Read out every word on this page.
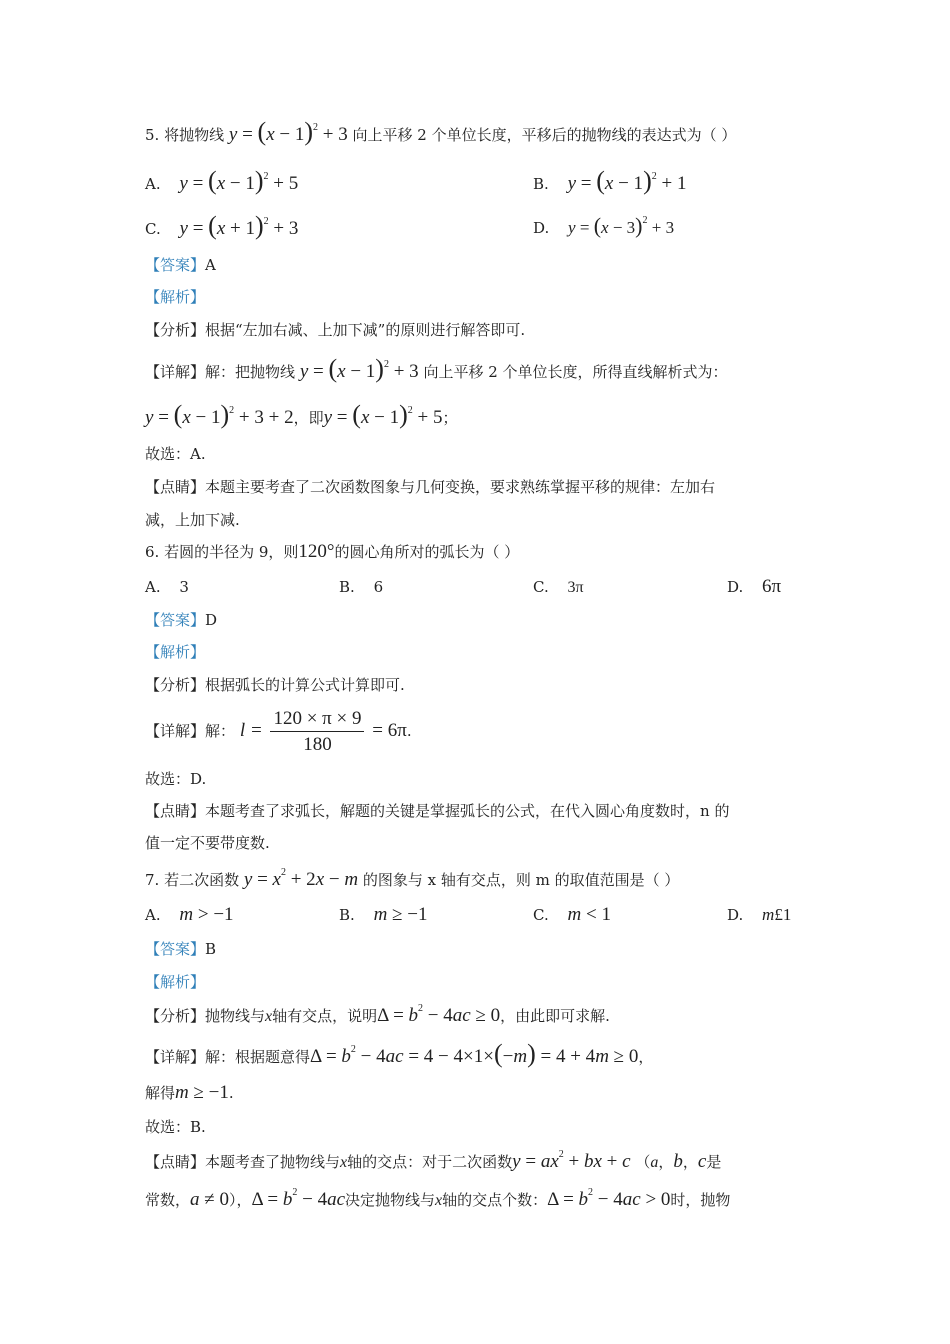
5. 将抛物线 $y = (x - 1)^2 + 3$ 向上平移 2 个单位长度，平移后的抛物线的表达式为（ ）
A. $y = (x - 1)^2 + 5$	B. $y = (x - 1)^2 + 1$
C. $y = (x + 1)^2 + 3$	D. $y = (x - 3)^2 + 3$
【答案】A
【解析】
【分析】根据“左加右减、上加下减”的原则进行解答即可.
【详解】解：把抛物线 $y = (x - 1)^2 + 3$ 向上平移 2 个单位长度，所得直线解析式为：
$y = (x - 1)^2 + 3 + 2$，即$y = (x - 1)^2 + 5$；
故选：A.
【点睛】本题主要考查了二次函数图象与几何变换，要求熟练掌握平移的规律：左加右
减，上加下减.
6. 若圆的半径为 9，则120°的圆心角所对的弧长为（ ）
A. 3	B. 6	C. 3π	D. 6π
【答案】D
【解析】
【分析】根据弧长的计算公式计算即可.
【详解】解： $l = \frac{120 \times \pi \times 9}{180} = 6\pi$.
故选：D.
【点睛】本题考查了求弧长，解题的关键是掌握弧长的公式，在代入圆心角度数时，n 的
值一定不要带度数.
7. 若二次函数 $y = x^2 + 2x - m$ 的图象与 x 轴有交点，则 m 的取值范围是（ ）
A. m > −1	B. m ≥ −1	C. m < 1	D. m£1
【答案】B
【解析】
【分析】抛物线与x轴有交点，说明$\Delta = b^2 - 4ac \ge 0$，由此即可求解.
【详解】解：根据题意得$\Delta = b^2 - 4ac = 4 - 4\times 1\times(-m) = 4 + 4m \ge 0$，
解得m ≥ −1.
故选：B.
【点睛】本题考查了抛物线与x轴的交点：对于二次函数$y = ax^2$ + bx + c （a，b，c是
常数，a ≠ 0），$\Delta = b^2 - 4ac$决定抛物线与x轴的交点个数：$\Delta = b^2 - 4ac > 0$时，抛物
